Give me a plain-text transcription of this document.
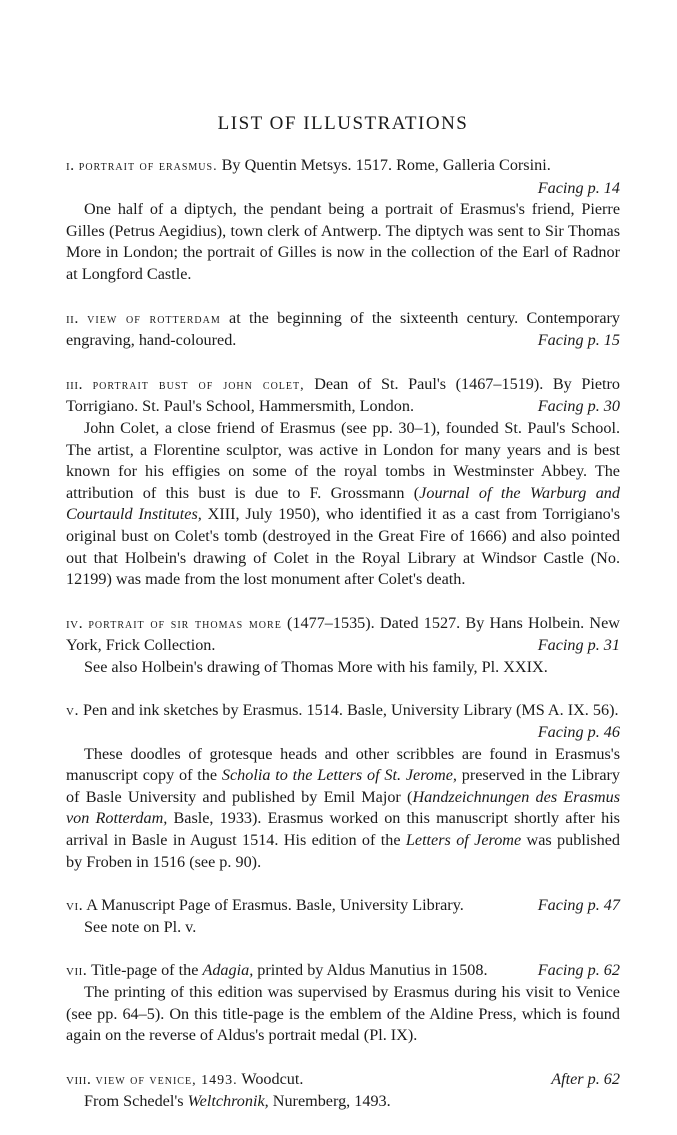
LIST OF ILLUSTRATIONS
i. portrait of erasmus. By Quentin Metsys. 1517. Rome, Galleria Corsini.
Facing p. 14
One half of a diptych, the pendant being a portrait of Erasmus's friend, Pierre Gilles (Petrus Aegidius), town clerk of Antwerp. The diptych was sent to Sir Thomas More in London; the portrait of Gilles is now in the collection of the Earl of Radnor at Longford Castle.
ii. view of rotterdam at the beginning of the sixteenth century. Contemporary engraving, hand-coloured.	Facing p. 15
iii. portrait bust of john colet, Dean of St. Paul's (1467–1519). By Pietro Torrigiano. St. Paul's School, Hammersmith, London.	Facing p. 30
John Colet, a close friend of Erasmus (see pp. 30–1), founded St. Paul's School. The artist, a Florentine sculptor, was active in London for many years and is best known for his effigies on some of the royal tombs in Westminster Abbey. The attribution of this bust is due to F. Grossmann (Journal of the Warburg and Courtauld Institutes, XIII, July 1950), who identified it as a cast from Torrigiano's original bust on Colet's tomb (destroyed in the Great Fire of 1666) and also pointed out that Holbein's drawing of Colet in the Royal Library at Windsor Castle (No. 12199) was made from the lost monument after Colet's death.
iv. portrait of sir thomas more (1477–1535). Dated 1527. By Hans Holbein. New York, Frick Collection.	Facing p. 31
See also Holbein's drawing of Thomas More with his family, Pl. XXIX.
v. Pen and ink sketches by Erasmus. 1514. Basle, University Library (MS A. IX. 56).
Facing p. 46
These doodles of grotesque heads and other scribbles are found in Erasmus's manuscript copy of the Scholia to the Letters of St. Jerome, preserved in the Library of Basle University and published by Emil Major (Handzeichnungen des Erasmus von Rotterdam, Basle, 1933). Erasmus worked on this manuscript shortly after his arrival in Basle in August 1514. His edition of the Letters of Jerome was published by Froben in 1516 (see p. 90).
vi. A Manuscript Page of Erasmus. Basle, University Library.	Facing p. 47
See note on Pl. v.
vii. Title-page of the Adagia, printed by Aldus Manutius in 1508.	Facing p. 62
The printing of this edition was supervised by Erasmus during his visit to Venice (see pp. 64–5). On this title-page is the emblem of the Aldine Press, which is found again on the reverse of Aldus's portrait medal (Pl. IX).
viii. view of venice, 1493. Woodcut.	After p. 62
From Schedel's Weltchronik, Nuremberg, 1493.
